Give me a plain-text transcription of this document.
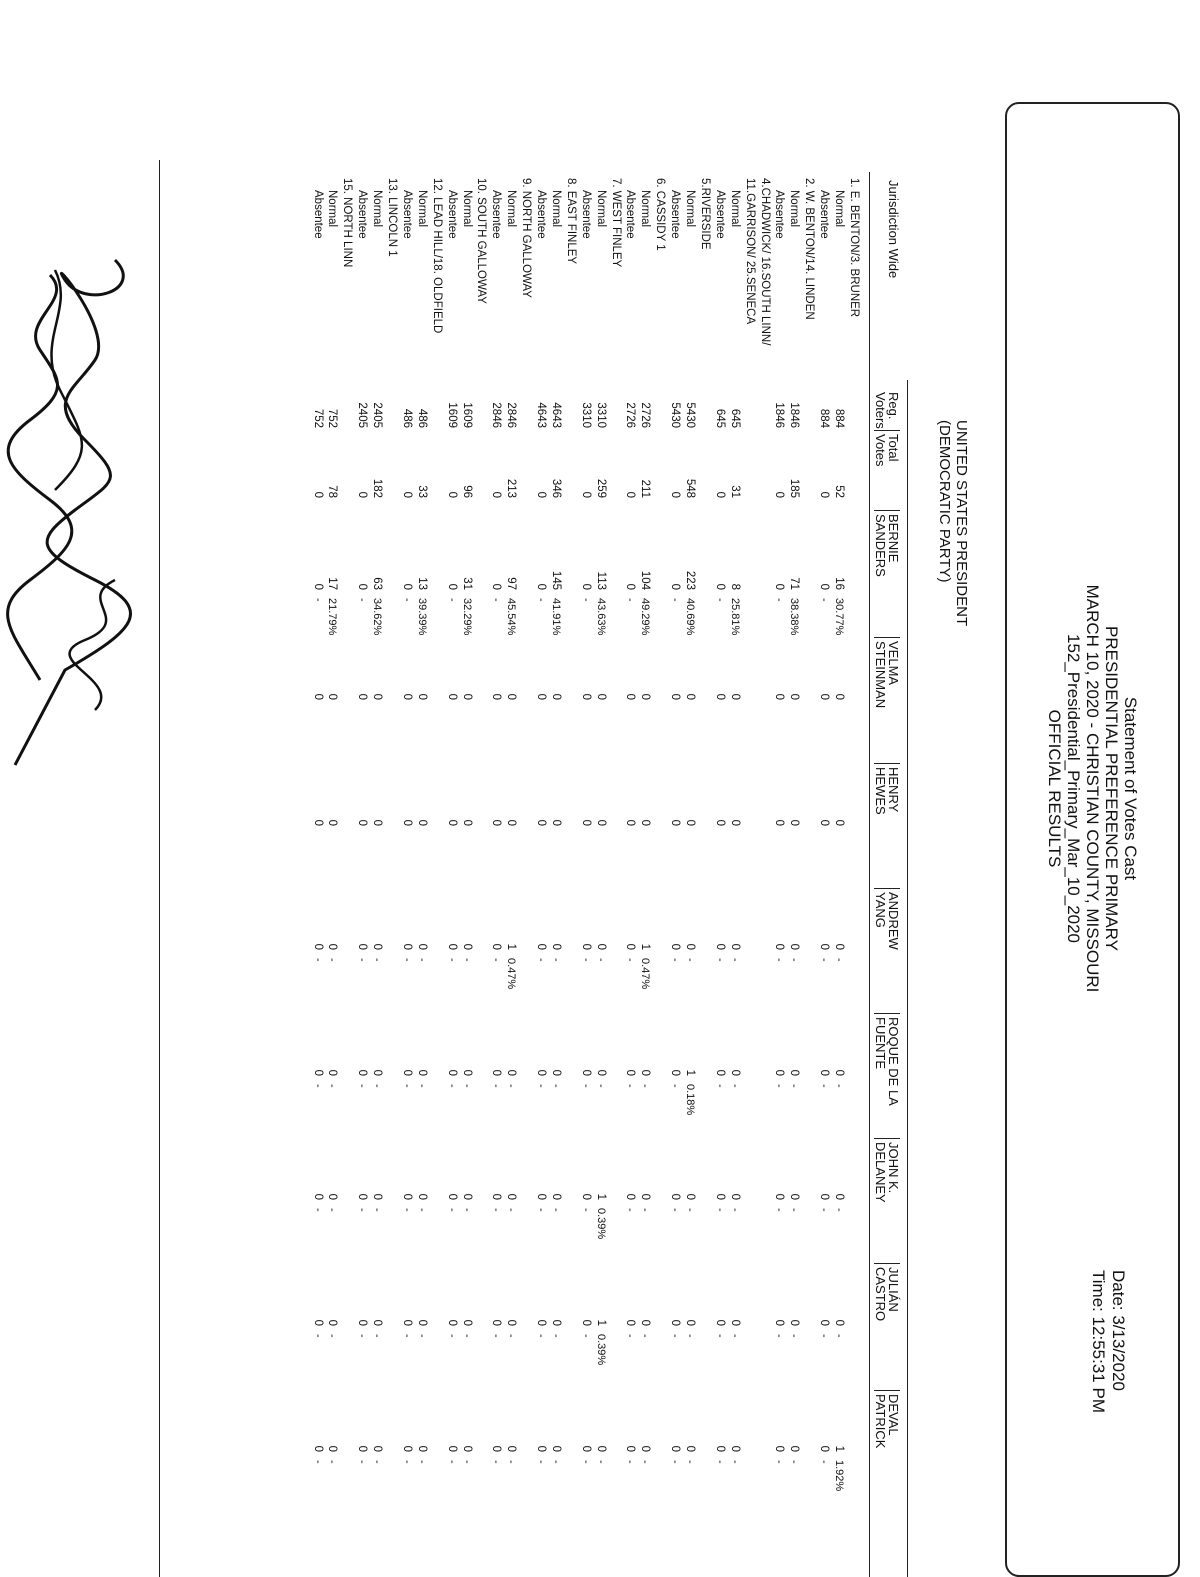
Statement of Votes Cast
PRESIDENTIAL PREFERENCE PRIMARY
MARCH 10, 2020 - CHRISTIAN COUNTY, MISSOURI
152_Presidential_Primary_Mar_10_2020
OFFICIAL RESULTS
Date: 3/13/2020
Time: 12:55:31 PM
UNITED STATES PRESIDENT
(DEMOCRATIC PARTY)
Jurisdiction Wide
Reg.
Voters
Total
Votes
BERNIE
SANDERS
VELMA
STEINMAN
HENRY
HEWES
ANDREW
YANG
ROQUE DE LA
FUENTE
JOHN K.
DELANEY
JULIÁN
CASTRO
DEVAL
PATRICK
1. E. BENTON/3. BRUNER
Normal
884
52
16
30.77%
0
0
0
-
0
-
0
-
0
-
1
1.92%
Absentee
884
0
0
-
0
0
0
-
0
-
0
-
0
-
0
-
2. W. BENTON/14. LINDEN
Normal
1846
185
71
38.38%
0
0
0
-
0
-
0
-
0
-
0
-
Absentee
1846
0
0
-
0
0
0
-
0
-
0
-
0
-
0
-
4.CHADWICK/ 16.SOUTH LINN/
11.GARRISON/ 25.SENECA
Normal
645
31
8
25.81%
0
0
0
-
0
-
0
-
0
-
0
-
Absentee
645
0
0
-
0
0
0
-
0
-
0
-
0
-
0
-
5.RIVERSIDE
Normal
5430
548
223
40.69%
0
0
0
-
1
0.18%
0
-
0
-
0
-
Absentee
5430
0
0
-
0
0
0
-
0
-
0
-
0
-
0
-
6. CASSIDY 1
Normal
2726
211
104
49.29%
0
0
1
0.47%
0
-
0
-
0
-
0
-
Absentee
2726
0
0
-
0
0
0
-
0
-
0
-
0
-
0
-
7. WEST FINLEY
Normal
3310
259
113
43.63%
0
0
0
-
0
-
1
0.39%
1
0.39%
0
-
Absentee
3310
0
0
-
0
0
0
-
0
-
0
-
0
-
0
-
8. EAST FINLEY
Normal
4643
346
145
41.91%
0
0
0
-
0
-
0
-
0
-
0
-
Absentee
4643
0
0
-
0
0
0
-
0
-
0
-
0
-
0
-
9. NORTH GALLOWAY
Normal
2846
213
97
45.54%
0
0
1
0.47%
0
-
0
-
0
-
0
-
Absentee
2846
0
0
-
0
0
0
-
0
-
0
-
0
-
0
-
10. SOUTH GALLOWAY
Normal
1609
96
31
32.29%
0
0
0
-
0
-
0
-
0
-
0
-
Absentee
1609
0
0
-
0
0
0
-
0
-
0
-
0
-
0
-
12. LEAD HILL/18. OLDFIELD
Normal
486
33
13
39.39%
0
0
0
-
0
-
0
-
0
-
0
-
Absentee
486
0
0
-
0
0
0
-
0
-
0
-
0
-
0
-
13. LINCOLN 1
Normal
2405
182
63
34.62%
0
0
0
-
0
-
0
-
0
-
0
-
Absentee
2405
0
0
-
0
0
0
-
0
-
0
-
0
-
0
-
15. NORTH LINN
Normal
752
78
17
21.79%
0
0
0
-
0
-
0
-
0
-
0
-
Absentee
752
0
0
-
0
0
0
-
0
-
0
-
0
-
0
-
